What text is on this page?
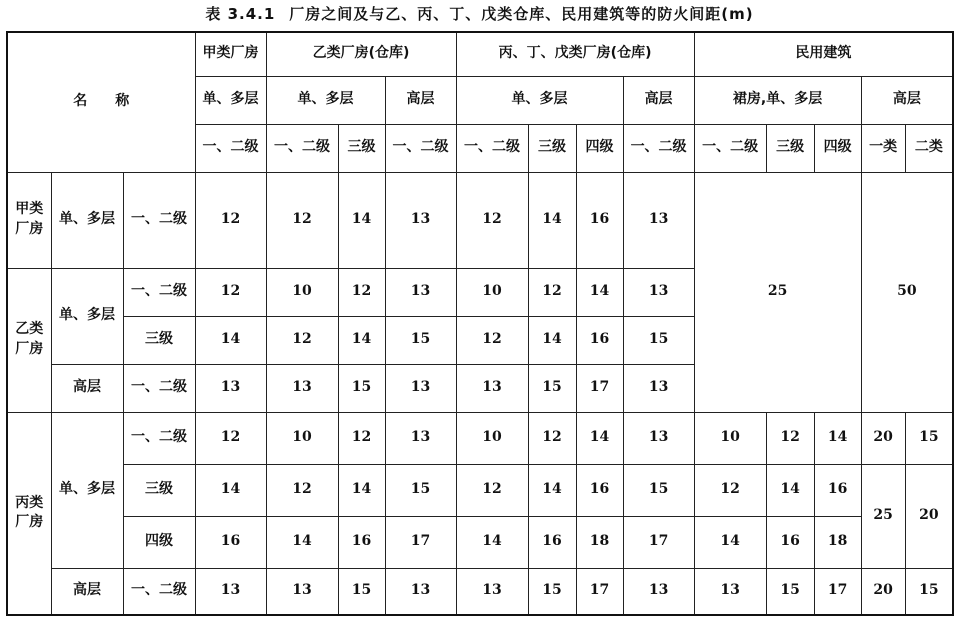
表 3.4.1 厂房之间及与乙、丙、丁、戊类仓库、民用建筑等的防火间距(m)
名　　称			甲类厂房	乙类厂房(仓库)			丙、丁、戊类厂房(仓库)				民用建筑				
			单、多层	单、多层		高层	单、多层			高层	裙房,单、多层			高层	
			一、二级	一、二级	三级	一、二级	一、二级	三级	四级	一、二级	一、二级	三级	四级	一类	二类

甲类
厂房	单、多层	一、二级	12	12	14	13	12	14	16	13	25			50	

乙类
厂房	单、多层	一、二级	12	10	12	13	10	12	14	13					
		三级	14	12	14	15	12	14	16	15					
	高层	一、二级	13	13	15	13	13	15	17	13					

丙类
厂房	单、多层	一、二级	12	10	12	13	10	12	14	13	10	12	14	20	15
		三级	14	12	14	15	12	14	16	15	12	14	16	25	20
		四级	16	14	16	17	14	16	18	17	14	16	18		
	高层	一、二级	13	13	15	13	13	15	17	13	13	15	17	20	15
